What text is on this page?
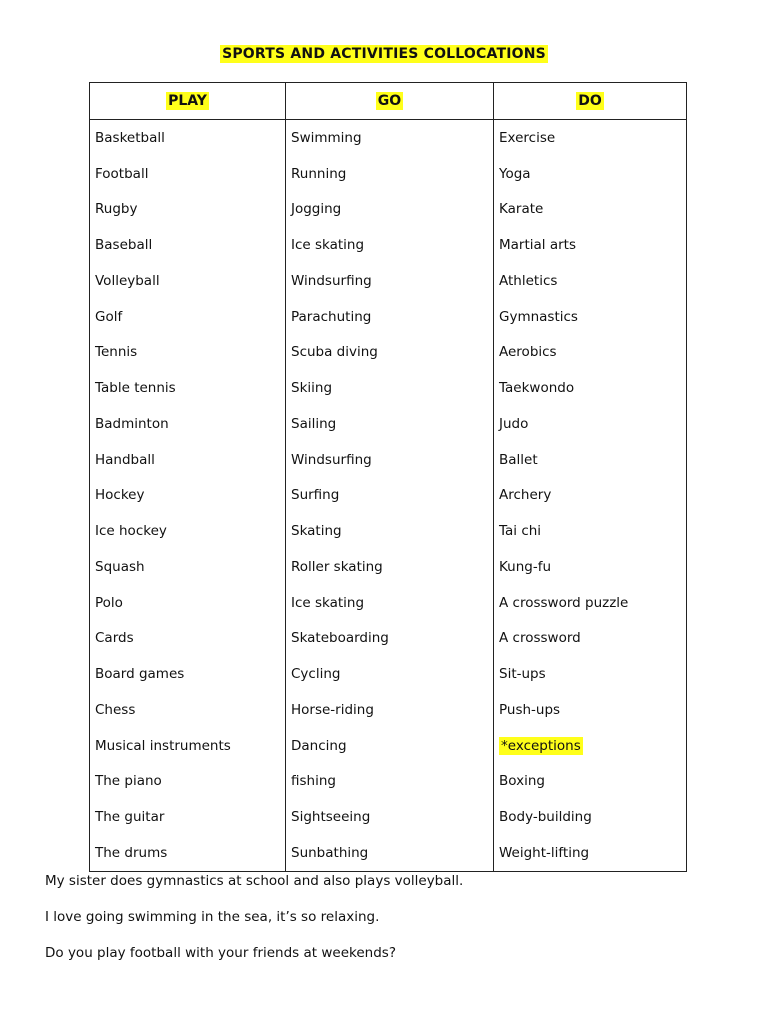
SPORTS AND ACTIVITIES COLLOCATIONS
PLAY	GO	DO
Basketball	Swimming	Exercise
Football	Running	Yoga
Rugby	Jogging	Karate
Baseball	Ice skating	Martial arts
Volleyball	Windsurfing	Athletics
Golf	Parachuting	Gymnastics
Tennis	Scuba diving	Aerobics
Table tennis	Skiing	Taekwondo
Badminton	Sailing	Judo
Handball	Windsurfing	Ballet
Hockey	Surfing	Archery
Ice hockey	Skating	Tai chi
Squash	Roller skating	Kung-fu
Polo	Ice skating	A crossword puzzle
Cards	Skateboarding	A crossword
Board games	Cycling	Sit-ups
Chess	Horse-riding	Push-ups
Musical instruments	Dancing	*exceptions
The piano	fishing	Boxing
The guitar	Sightseeing	Body-building
The drums	Sunbathing	Weight-lifting
My sister does gymnastics at school and also plays volleyball.
I love going swimming in the sea, it’s so relaxing.
Do you play football with your friends at weekends?
